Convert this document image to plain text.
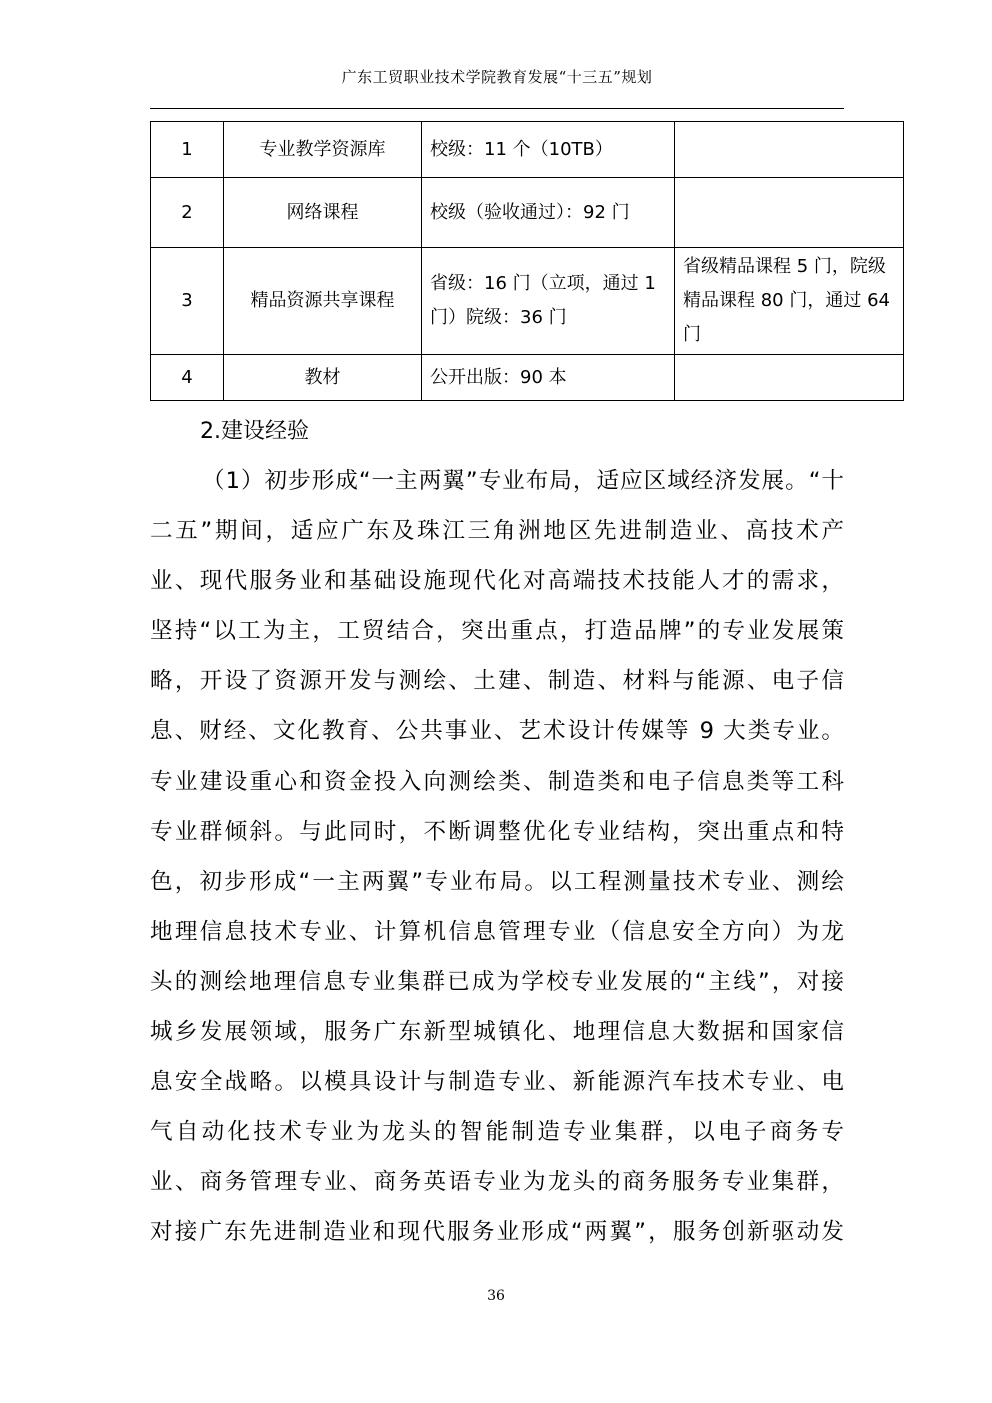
广东工贸职业技术学院教育发展“十三五”规划
1	专业教学资源库	校级：11 个（10TB）	
2	网络课程	校级（验收通过）：92 门	
3	精品资源共享课程	省级：16 门（立项，通过 1 门）院级：36 门	省级精品课程 5 门，院级精品课程 80 门，通过 64 门
4	教材	公开出版：90 本	
2.建设经验
（1）初步形成“一主两翼”专业布局，适应区域经济发展。“十
二五”期间，适应广东及珠江三角洲地区先进制造业、高技术产
业、现代服务业和基础设施现代化对高端技术技能人才的需求，
坚持“以工为主，工贸结合，突出重点，打造品牌”的专业发展策
略，开设了资源开发与测绘、土建、制造、材料与能源、电子信
息、财经、文化教育、公共事业、艺术设计传媒等 9 大类专业。
专业建设重心和资金投入向测绘类、制造类和电子信息类等工科
专业群倾斜。与此同时，不断调整优化专业结构，突出重点和特
色，初步形成“一主两翼”专业布局。以工程测量技术专业、测绘
地理信息技术专业、计算机信息管理专业（信息安全方向）为龙
头的测绘地理信息专业集群已成为学校专业发展的“主线”，对接
城乡发展领域，服务广东新型城镇化、地理信息大数据和国家信
息安全战略。以模具设计与制造专业、新能源汽车技术专业、电
气自动化技术专业为龙头的智能制造专业集群，以电子商务专
业、商务管理专业、商务英语专业为龙头的商务服务专业集群，
对接广东先进制造业和现代服务业形成“两翼”，服务创新驱动发
36
